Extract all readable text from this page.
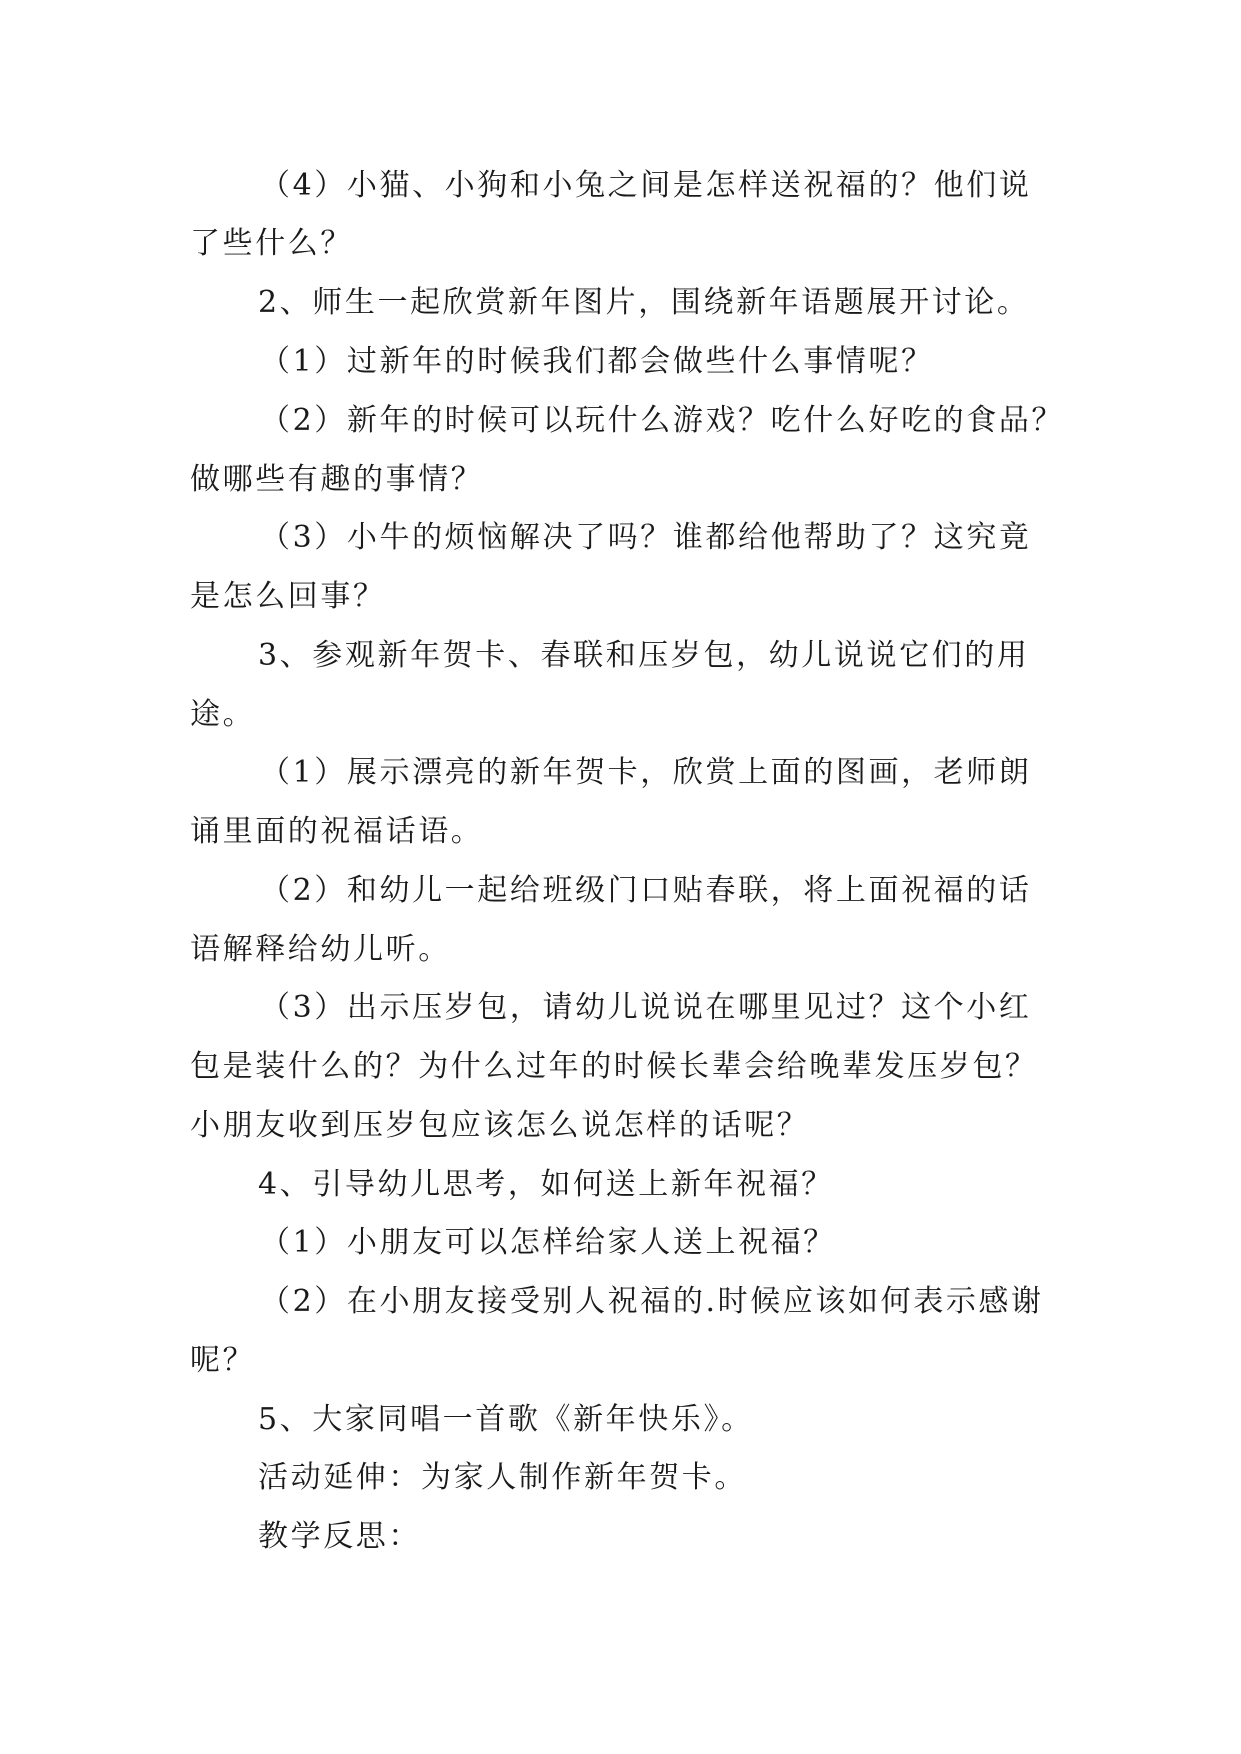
（4）小猫、小狗和小兔之间是怎样送祝福的？他们说
了些什么？
2、师生一起欣赏新年图片，围绕新年语题展开讨论。
（1）过新年的时候我们都会做些什么事情呢？
（2）新年的时候可以玩什么游戏？吃什么好吃的食品？
做哪些有趣的事情？
（3）小牛的烦恼解决了吗？谁都给他帮助了？这究竟
是怎么回事？
3、参观新年贺卡、春联和压岁包，幼儿说说它们的用
途。
（1）展示漂亮的新年贺卡，欣赏上面的图画，老师朗
诵里面的祝福话语。
（2）和幼儿一起给班级门口贴春联，将上面祝福的话
语解释给幼儿听。
（3）出示压岁包，请幼儿说说在哪里见过？这个小红
包是装什么的？为什么过年的时候长辈会给晚辈发压岁包？
小朋友收到压岁包应该怎么说怎样的话呢？
4、引导幼儿思考，如何送上新年祝福？
（1）小朋友可以怎样给家人送上祝福？
（2）在小朋友接受别人祝福的.时候应该如何表示感谢
呢？
5、大家同唱一首歌《新年快乐》。
活动延伸：为家人制作新年贺卡。
教学反思：
